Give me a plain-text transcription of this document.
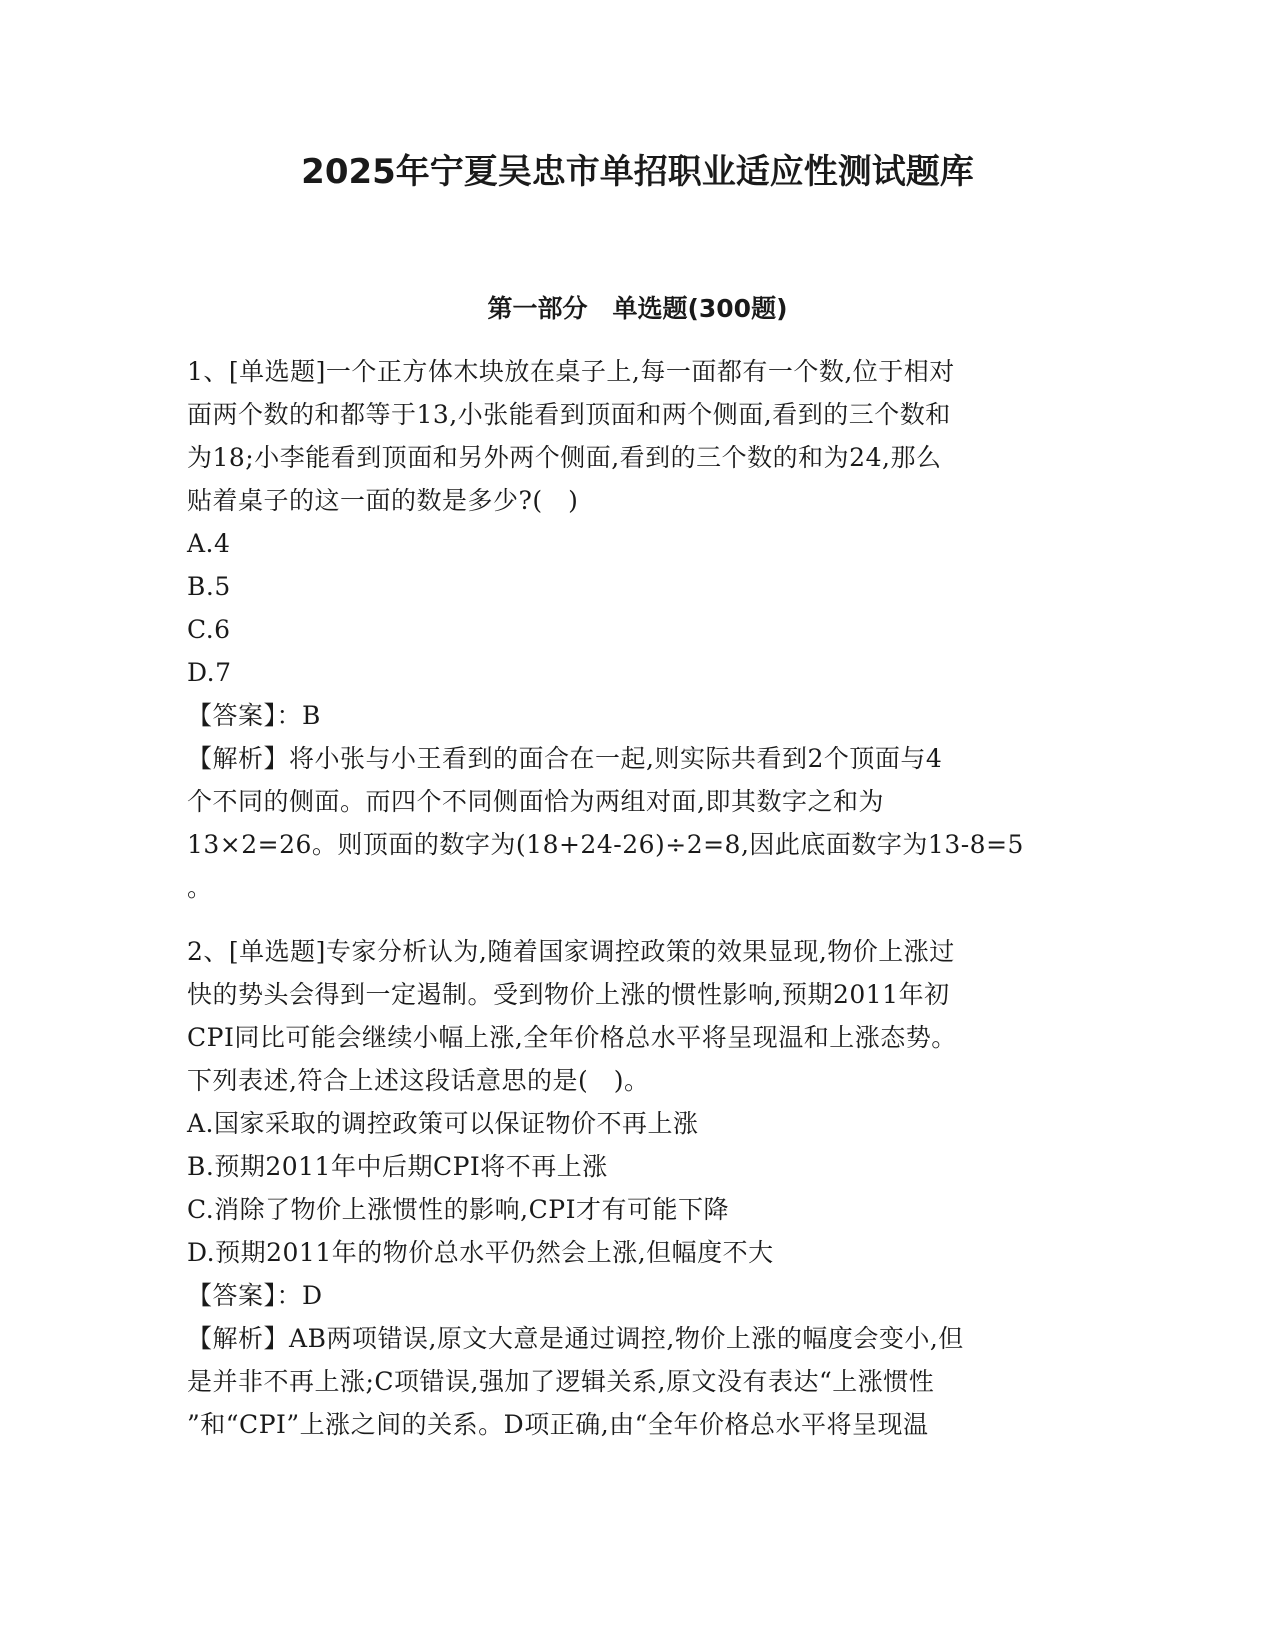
2025年宁夏吴忠市单招职业适应性测试题库
第一部分　单选题(300题)
1、[单选题]一个正方体木块放在桌子上,每一面都有一个数,位于相对
面两个数的和都等于13,小张能看到顶面和两个侧面,看到的三个数和
为18;小李能看到顶面和另外两个侧面,看到的三个数的和为24,那么
贴着桌子的这一面的数是多少?(　)
A.4
B.5
C.6
D.7
【答案】：B
【解析】将小张与小王看到的面合在一起,则实际共看到2个顶面与4
个不同的侧面。而四个不同侧面恰为两组对面,即其数字之和为
13×2=26。则顶面的数字为(18+24-26)÷2=8,因此底面数字为13-8=5
。
2、[单选题]专家分析认为,随着国家调控政策的效果显现,物价上涨过
快的势头会得到一定遏制。受到物价上涨的惯性影响,预期2011年初
CPI同比可能会继续小幅上涨,全年价格总水平将呈现温和上涨态势。
下列表述,符合上述这段话意思的是(　)。
A.国家采取的调控政策可以保证物价不再上涨
B.预期2011年中后期CPI将不再上涨
C.消除了物价上涨惯性的影响,CPI才有可能下降
D.预期2011年的物价总水平仍然会上涨,但幅度不大
【答案】：D
【解析】AB两项错误,原文大意是通过调控,物价上涨的幅度会变小,但
是并非不再上涨;C项错误,强加了逻辑关系,原文没有表达“上涨惯性
”和“CPI”上涨之间的关系。D项正确,由“全年价格总水平将呈现温
